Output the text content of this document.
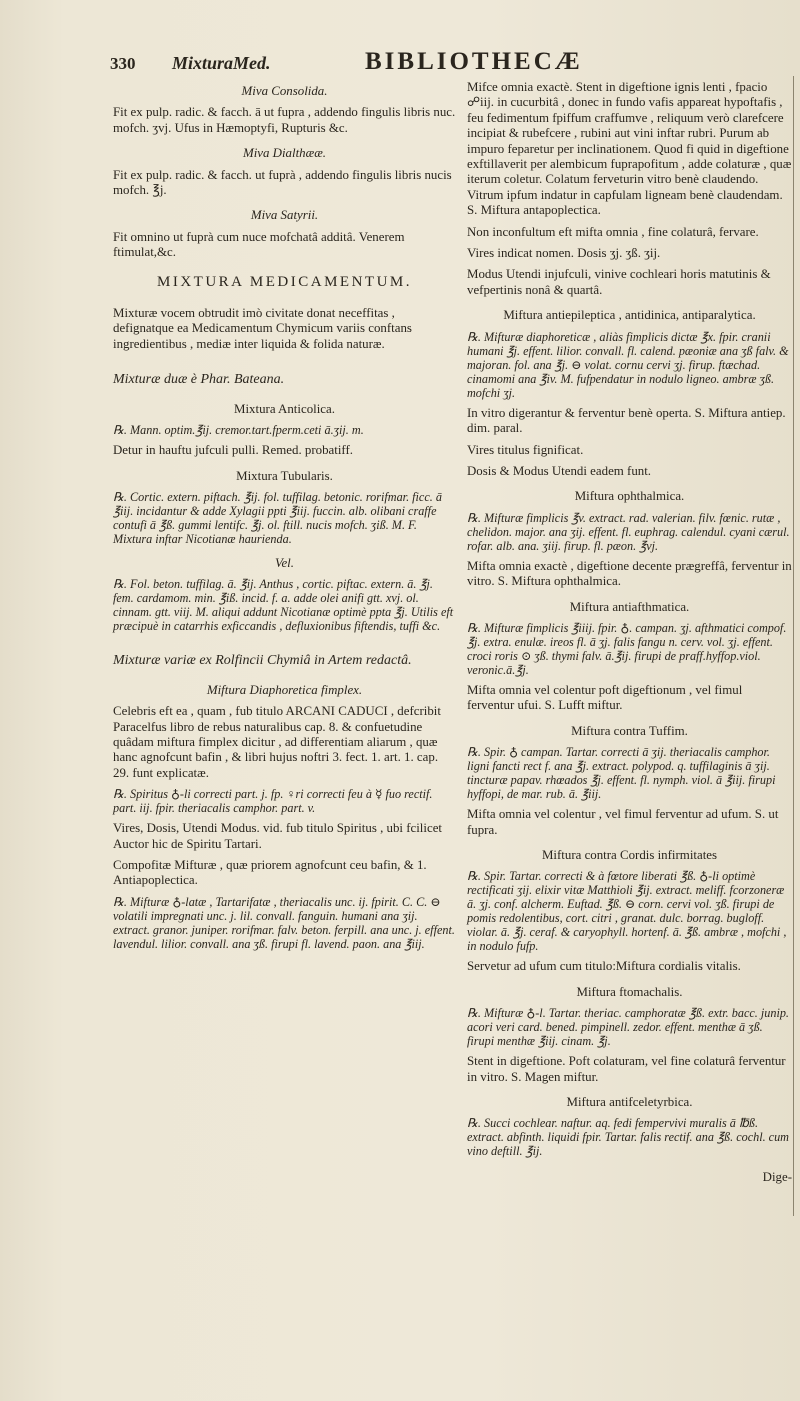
330 MixturaMed.	BIBLIOTHECÆ

Miva Consolida.

Fit ex pulp. radic. & facch. ā ut fupra , addendo fingulis libris nuc. mofch. ʒvj. Ufus in Hæmoptyfi, Rupturis &c.

Miva Dialthææ.

Fit ex pulp. radic. & facch. ut fuprà , addendo fingulis libris nucis mofch. ℥j.

Miva Satyrii.

Fit omnino ut fuprà cum nuce mofchatâ additâ. Venerem ftimulat,&c.

MIXTURA MEDICAMENTUM.

Mixturæ vocem obtrudit imò civitate donat neceffitas , defignatque ea Medicamentum Chymicum variis conftans ingredientibus , mediæ inter liquida & folida naturæ.

Mixturæ duæ è Phar. Bateana.

Mixtura Anticolica.

℞. Mann. optim.℥ij. cremor.tart.fperm.ceti ā.ʒij. m.

Detur in hauftu jufculi pulli. Remed. probatiff.

Mixtura Tubularis.

℞. Cortic. extern. piftach. ℥ij. fol. tuffilag. betonic. rorifmar. ficc. ā ℥iij. incidantur & adde Xylagii ppti ℥iij. fuccin. alb. olibani craffe contufi ā ℥ß. gummi lentifc. ℥j. ol. ftill. nucis mofch. ʒiß. M. F. Mixtura inftar Nicotianæ haurienda.

Vel.

℞. Fol. beton. tuffilag. ā. ℥ij. Anthus , cortic. piftac. extern. ā. ℥j. fem. cardamom. min. ℥iß. incid. f. a. adde olei anifi gtt. xvj. ol. cinnam. gtt. viij. M. aliqui addunt Nicotianæ optimè ppta ℥j. Utilis eft præcipuè in catarrhis exficcandis , defluxionibus fiftendis, tuffi &c.

Mixturæ variæ ex Rolfincii Chymiâ in Artem redactâ.

Miftura Diaphoretica fimplex.

Celebris eft ea , quam , fub titulo ARCANI CADUCI , defcribit Paracelfus libro de rebus naturalibus cap. 8. & confuetudine quâdam miftura fimplex dicitur , ad differentiam aliarum , quæ hanc agnofcunt bafin , & libri hujus noftri 3. fect. 1. art. 1. cap. 29. funt explicatæ.

℞. Spiritus ♁-li correcti part. j. fp. ♀ri correcti feu à ☿ fuo rectif. part. iij. fpir. theriacalis camphor. part. v.

Vires, Dosis, Utendi Modus. vid. fub titulo Spiritus , ubi fcilicet Auctor hic de Spiritu Tartari.

Compofitæ Mifturæ , quæ priorem agnofcunt ceu bafin, & 1. Antiapoplectica.

℞. Mifturæ ♁-latæ , Tartarifatæ , theriacalis unc. ij. fpirit. C. C. ⊖ volatili impregnati unc. j. lil. convall. fanguin. humani ana ʒij. extract. granor. juniper. rorifmar. falv. beton. ferpill. ana unc. j. effent. lavendul. lilior. convall. ana ʒß. firupi fl. lavend. paon. ana ℥iij.

Mifce omnia exactè. Stent in digeftione ignis lenti , fpacio ☍iij. in cucurbitâ , donec in fundo vafis appareat hypoftafis , feu fedimentum fpiffum craffumve , reliquum verò clarefcere incipiat & rubefcere , rubini aut vini inftar rubri. Purum ab impuro feparetur per inclinationem. Quod fi quid in digeftione exftillaverit per alembicum fuprapofitum , adde colaturæ , quæ iterum coletur. Colatum ferveturin vitro benè claudendo. Vitrum ipfum indatur in capfulam ligneam benè claudendam. S. Miftura antapoplectica.

Non inconfultum eft mifta omnia , fine colaturâ, fervare.

Vires indicat nomen. Dosis ʒj. ʒß. ʒij.

Modus Utendi injufculi, vinive cochleari horis matutinis & vefpertinis nonâ & quartâ.

Miftura antiepileptica , antidinica, antiparalytica.

℞. Mifturæ diaphoreticæ , aliàs fimplicis dictæ ℥x. fpir. cranii humani ℥j. effent. lilior. convall. fl. calend. pæoniæ ana ʒß falv. & majoran. fol. ana ℥j. ⊖ volat. cornu cervi ʒj. firup. ftæchad. cinamomi ana ℥iv. M. fufpendatur in nodulo ligneo. ambræ ʒß. mofchi ʒj.

In vitro digerantur & ferventur benè operta. S. Miftura antiep. dim. paral.

Vires titulus fignificat.

Dosis & Modus Utendi eadem funt.

Miftura ophthalmica.

℞. Mifturæ fimplicis ℥v. extract. rad. valerian. filv. fœnic. rutæ , chelidon. major. ana ʒij. effent. fl. euphrag. calendul. cyani cærul. rofar. alb. ana. ʒiij. firup. fl. pæon. ℥vj.

Mifta omnia exactè , digeftione decente prægreffâ, ferventur in vitro. S. Miftura ophthalmica.

Miftura antiafthmatica.

℞. Mifturæ fimplicis ℥iiij. fpir. ♁. campan. ʒj. afthmatici compof. ℥j. extra. enulæ. ireos fl. ā ʒj. falis fangu n. cerv. vol. ʒj. effent. croci roris ⊙ ʒß. thymi falv. ā.℥ij. firupi de praff.hyffop.viol. veronic.ā.℥j.

Mifta omnia vel colentur poft digeftionum , vel fimul ferventur ufui. S. Lufft miftur.

Miftura contra Tuffim.

℞. Spir. ♁ campan. Tartar. correcti ā ʒij. theriacalis camphor. ligni fancti rect f. ana ℥j. extract. polypod. q. tuffilaginis ā ʒij. tincturæ papav. rhœados ℥j. effent. fl. nymph. viol. ā ℥iij. firupi hyffopi, de mar. rub. ā. ℥iij.

Mifta omnia vel colentur , vel fimul ferventur ad ufum. S. ut fupra.

Miftura contra Cordis infirmitates

℞. Spir. Tartar. correcti & à fœtore liberati ℥ß. ♁-li optimè rectificati ʒij. elixir vitæ Matthioli ℥ij. extract. meliff. fcorzoneræ ā. ʒj. conf. alcherm. Euftad. ℥ß. ⊖ corn. cervi vol. ʒß. firupi de pomis redolentibus, cort. citri , granat. dulc. borrag. bugloff. violar. ā. ℥j. ceraf. & caryophyll. hortenf. ā. ℥ß. ambræ , mofchi , in nodulo fufp.

Servetur ad ufum cum titulo:Miftura cordialis vitalis.

Miftura ftomachalis.

℞. Mifturæ ♁-l. Tartar. theriac. camphoratæ ℥ß. extr. bacc. junip. acori veri card. bened. pimpinell. zedor. effent. menthæ ā ʒß. firupi menthæ ℥iij. cinam. ℥j.

Stent in digeftione. Poft colaturam, vel fine colaturâ ferventur in vitro. S. Magen miftur.

Miftura antifceletyrbica.

℞. Succi cochlear. naftur. aq. fedi fempervivi muralis ā ℔ß. extract. abfinth. liquidi fpir. Tartar. falis rectif. ana ℥ß. cochl. cum vino deftill. ℥ij.

Dige-
